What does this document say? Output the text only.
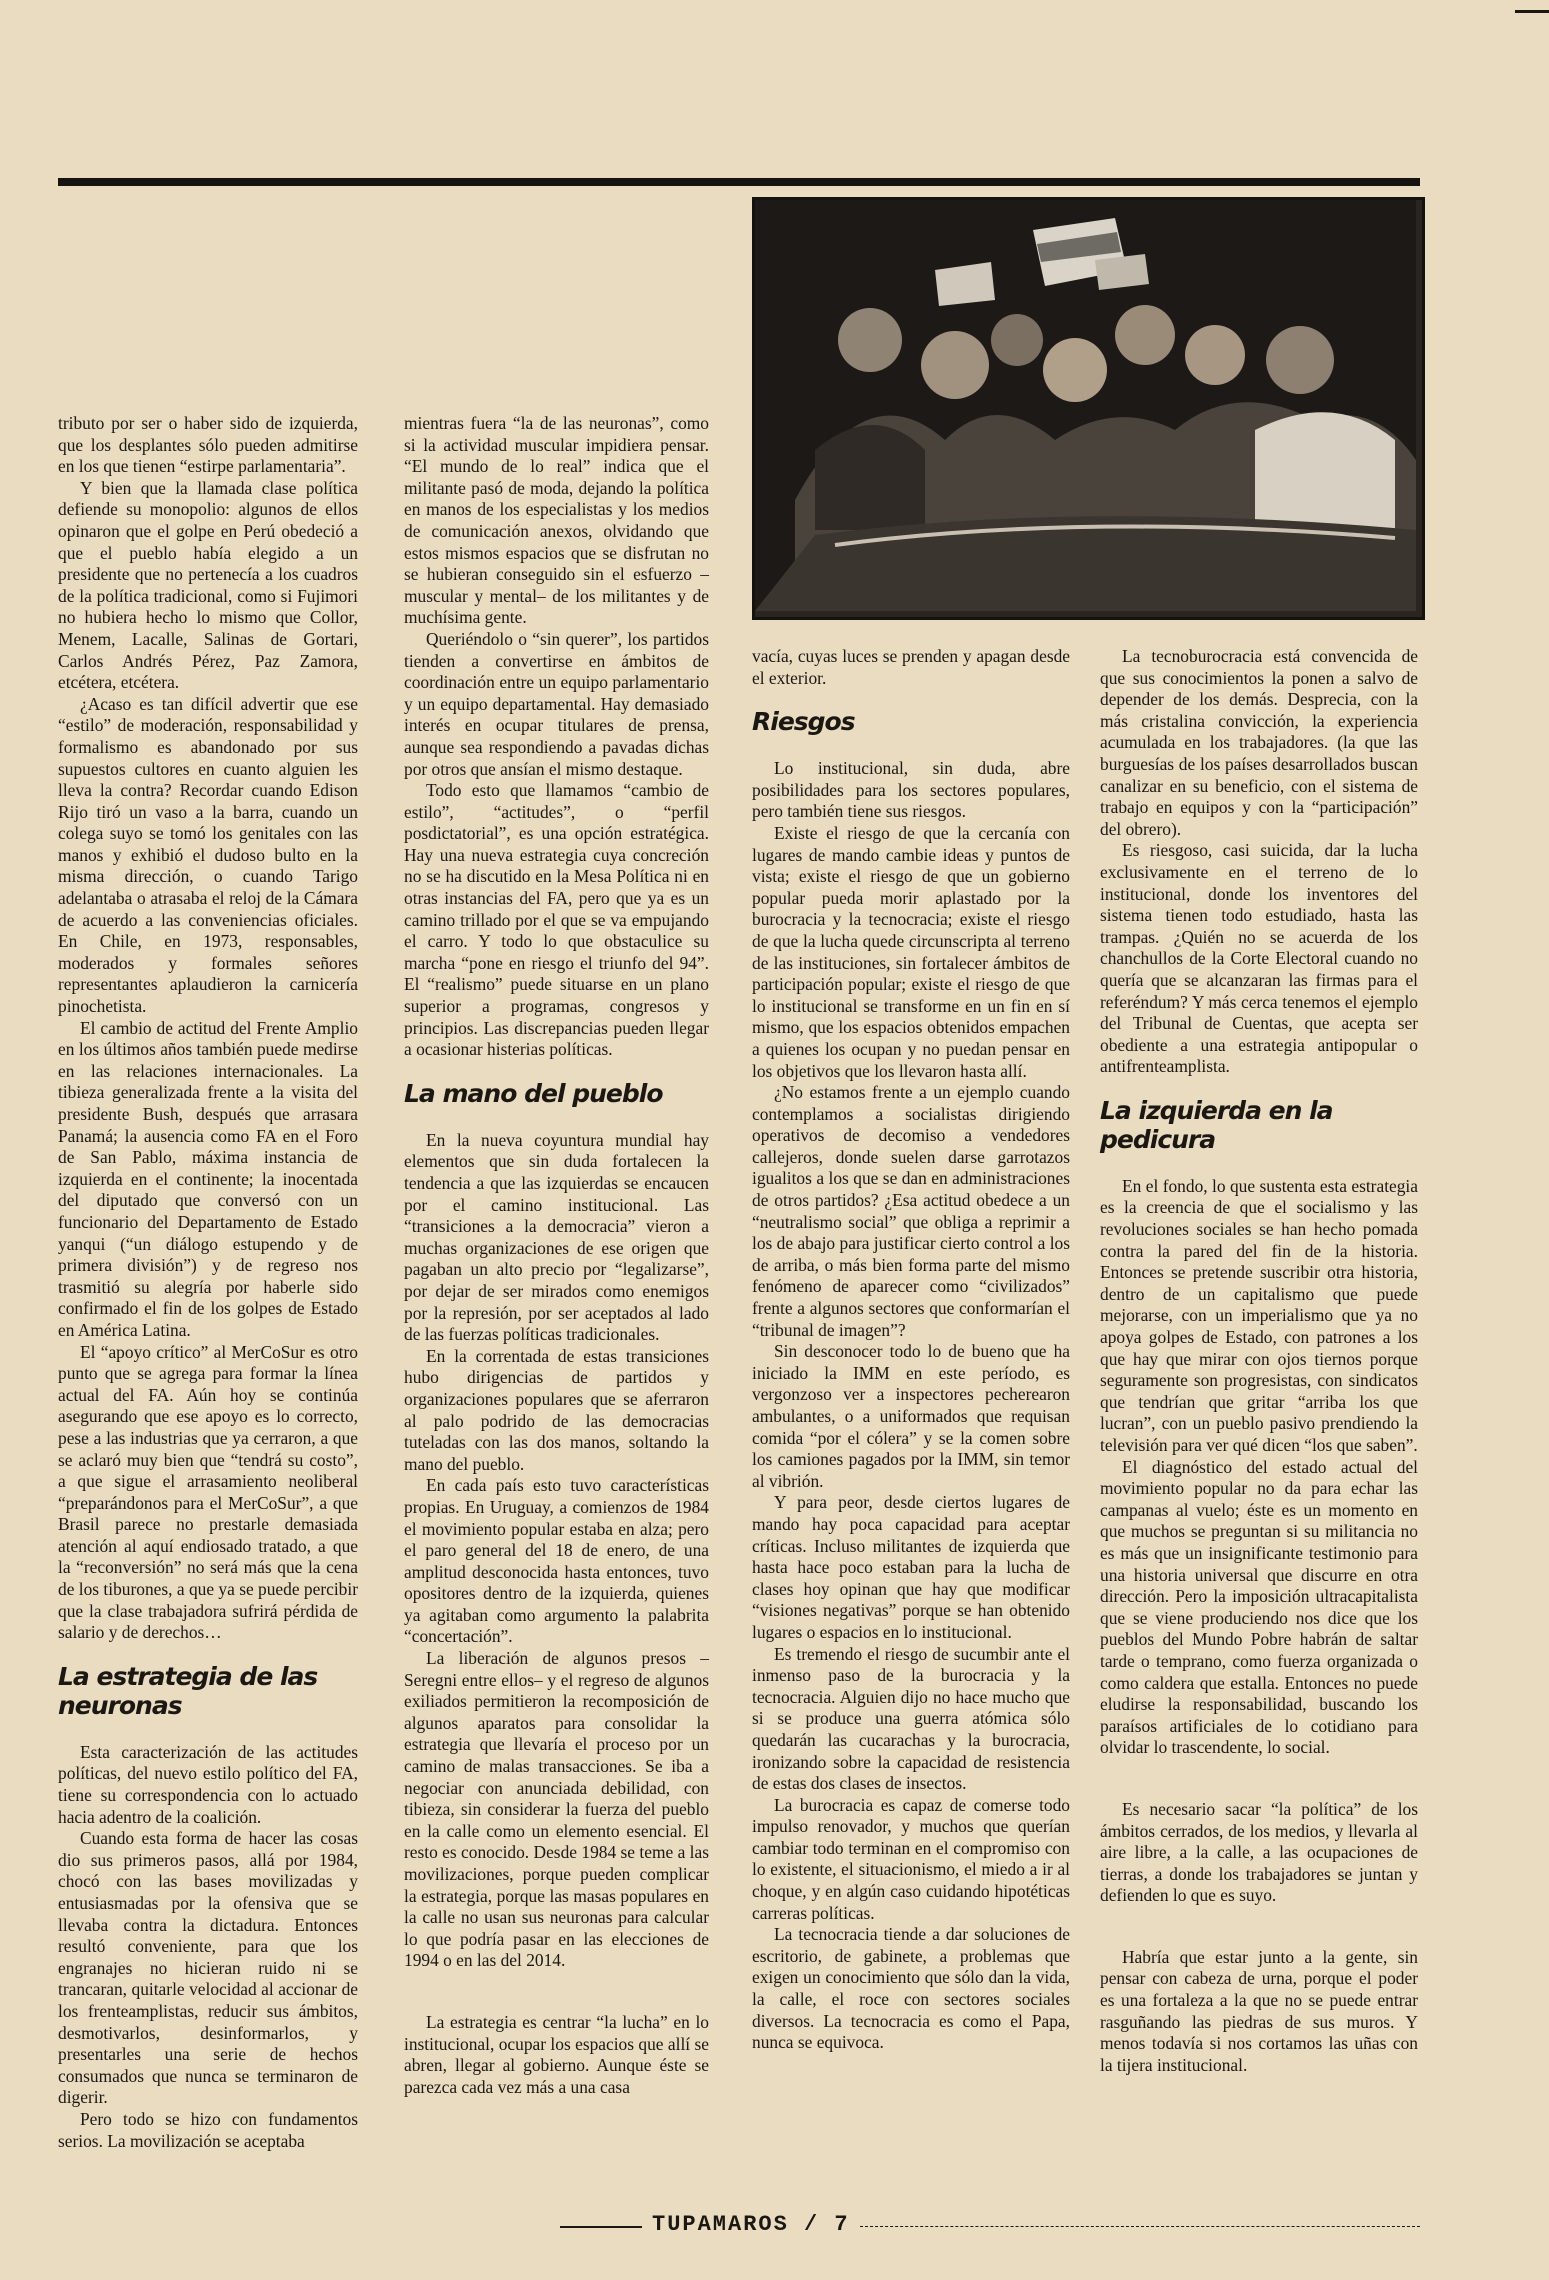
tributo por ser o haber sido de izquierda, que los desplantes sólo pueden admitirse en los que tienen “estirpe parlamentaria”.

Y bien que la llamada clase política defiende su monopolio: algunos de ellos opinaron que el golpe en Perú obedeció a que el pueblo había elegido a un presidente que no pertenecía a los cuadros de la política tradicional, como si Fujimori no hubiera hecho lo mismo que Collor, Menem, Lacalle, Salinas de Gortari, Carlos Andrés Pérez, Paz Zamora, etcétera, etcétera.

¿Acaso es tan difícil advertir que ese “estilo” de moderación, responsabilidad y formalismo es abandonado por sus supuestos cultores en cuanto alguien les lleva la contra? Recordar cuando Edison Rijo tiró un vaso a la barra, cuando un colega suyo se tomó los genitales con las manos y exhibió el dudoso bulto en la misma dirección, o cuando Tarigo adelantaba o atrasaba el reloj de la Cámara de acuerdo a las conveniencias oficiales. En Chile, en 1973, responsables, moderados y formales señores representantes aplaudieron la carnicería pinochetista.

El cambio de actitud del Frente Amplio en los últimos años también puede medirse en las relaciones internacionales. La tibieza generalizada frente a la visita del presidente Bush, después que arrasara Panamá; la ausencia como FA en el Foro de San Pablo, máxima instancia de izquierda en el continente; la inocentada del diputado que conversó con un funcionario del Departamento de Estado yanqui (“un diálogo estupendo y de primera división”) y de regreso nos trasmitió su alegría por haberle sido confirmado el fin de los golpes de Estado en América Latina.

El “apoyo crítico” al MerCoSur es otro punto que se agrega para formar la línea actual del FA. Aún hoy se continúa asegurando que ese apoyo es lo correcto, pese a las industrias que ya cerraron, a que se aclaró muy bien que “tendrá su costo”, a que sigue el arrasamiento neoliberal “preparándonos para el MerCoSur”, a que Brasil parece no prestarle demasiada atención al aquí endiosado tratado, a que la “reconversión” no será más que la cena de los tiburones, a que ya se puede percibir que la clase trabajadora sufrirá pérdida de salario y de derechos…

La estrategia de las neuronas

Esta caracterización de las actitudes políticas, del nuevo estilo político del FA, tiene su correspondencia con lo actuado hacia adentro de la coalición.

Cuando esta forma de hacer las cosas dio sus primeros pasos, allá por 1984, chocó con las bases movilizadas y entusiasmadas por la ofensiva que se llevaba contra la dictadura. Entonces resultó conveniente, para que los engranajes no hicieran ruido ni se trancaran, quitarle velocidad al accionar de los frenteamplistas, reducir sus ámbitos, desmotivarlos, desinformarlos, y presentarles una serie de hechos consumados que nunca se terminaron de digerir.

Pero todo se hizo con fundamentos serios. La movilización se aceptaba

mientras fuera “la de las neuronas”, como si la actividad muscular impidiera pensar. “El mundo de lo real” indica que el militante pasó de moda, dejando la política en manos de los especialistas y los medios de comunicación anexos, olvidando que estos mismos espacios que se disfrutan no se hubieran conseguido sin el esfuerzo –muscular y mental– de los militantes y de muchísima gente.

Queriéndolo o “sin querer”, los partidos tienden a convertirse en ámbitos de coordinación entre un equipo parlamentario y un equipo departamental. Hay demasiado interés en ocupar titulares de prensa, aunque sea respondiendo a pavadas dichas por otros que ansían el mismo destaque.

Todo esto que llamamos “cambio de estilo”, “actitudes”, o “perfil posdictatorial”, es una opción estratégica. Hay una nueva estrategia cuya concreción no se ha discutido en la Mesa Política ni en otras instancias del FA, pero que ya es un camino trillado por el que se va empujando el carro. Y todo lo que obstaculice su marcha “pone en riesgo el triunfo del 94”. El “realismo” puede situarse en un plano superior a programas, congresos y principios. Las discrepancias pueden llegar a ocasionar histerias políticas.

La mano del pueblo

En la nueva coyuntura mundial hay elementos que sin duda fortalecen la tendencia a que las izquierdas se encaucen por el camino institucional. Las “transiciones a la democracia” vieron a muchas organizaciones de ese origen que pagaban un alto precio por “legalizarse”, por dejar de ser mirados como enemigos por la represión, por ser aceptados al lado de las fuerzas políticas tradicionales.

En la correntada de estas transiciones hubo dirigencias de partidos y organizaciones populares que se aferraron al palo podrido de las democracias tuteladas con las dos manos, soltando la mano del pueblo.

En cada país esto tuvo características propias. En Uruguay, a comienzos de 1984 el movimiento popular estaba en alza; pero el paro general del 18 de enero, de una amplitud desconocida hasta entonces, tuvo opositores dentro de la izquierda, quienes ya agitaban como argumento la palabrita “concertación”.

La liberación de algunos presos –Seregni entre ellos– y el regreso de algunos exiliados permitieron la recomposición de algunos aparatos para consolidar la estrategia que llevaría el proceso por un camino de malas transacciones. Se iba a negociar con anunciada debilidad, con tibieza, sin considerar la fuerza del pueblo en la calle como un elemento esencial. El resto es conocido. Desde 1984 se teme a las movilizaciones, porque pueden complicar la estrategia, porque las masas populares en la calle no usan sus neuronas para calcular lo que podría pasar en las elecciones de 1994 o en las del 2014.

La estrategia es centrar “la lucha” en lo institucional, ocupar los espacios que allí se abren, llegar al gobierno. Aunque éste se parezca cada vez más a una casa

vacía, cuyas luces se prenden y apagan desde el exterior.

Riesgos

Lo institucional, sin duda, abre posibilidades para los sectores populares, pero también tiene sus riesgos.

Existe el riesgo de que la cercanía con lugares de mando cambie ideas y puntos de vista; existe el riesgo de que un gobierno popular pueda morir aplastado por la burocracia y la tecnocracia; existe el riesgo de que la lucha quede circunscripta al terreno de las instituciones, sin fortalecer ámbitos de participación popular; existe el riesgo de que lo institucional se transforme en un fin en sí mismo, que los espacios obtenidos empachen a quienes los ocupan y no puedan pensar en los objetivos que los llevaron hasta allí.

¿No estamos frente a un ejemplo cuando contemplamos a socialistas dirigiendo operativos de decomiso a vendedores callejeros, donde suelen darse garrotazos igualitos a los que se dan en administraciones de otros partidos? ¿Esa actitud obedece a un “neutralismo social” que obliga a reprimir a los de abajo para justificar cierto control a los de arriba, o más bien forma parte del mismo fenómeno de aparecer como “civilizados” frente a algunos sectores que conformarían el “tribunal de imagen”?

Sin desconocer todo lo de bueno que ha iniciado la IMM en este período, es vergonzoso ver a inspectores pecherearon ambulantes, o a uniformados que requisan comida “por el cólera” y se la comen sobre los camiones pagados por la IMM, sin temor al vibrión.

Y para peor, desde ciertos lugares de mando hay poca capacidad para aceptar críticas. Incluso militantes de izquierda que hasta hace poco estaban para la lucha de clases hoy opinan que hay que modificar “visiones negativas” porque se han obtenido lugares o espacios en lo institucional.

Es tremendo el riesgo de sucumbir ante el inmenso paso de la burocracia y la tecnocracia. Alguien dijo no hace mucho que si se produce una guerra atómica sólo quedarán las cucarachas y la burocracia, ironizando sobre la capacidad de resistencia de estas dos clases de insectos.

La burocracia es capaz de comerse todo impulso renovador, y muchos que querían cambiar todo terminan en el compromiso con lo existente, el situacionismo, el miedo a ir al choque, y en algún caso cuidando hipotéticas carreras políticas.

La tecnocracia tiende a dar soluciones de escritorio, de gabinete, a problemas que exigen un conocimiento que sólo dan la vida, la calle, el roce con sectores sociales diversos. La tecnocracia es como el Papa, nunca se equivoca.

La tecnoburocracia está convencida de que sus conocimientos la ponen a salvo de depender de los demás. Desprecia, con la más cristalina convicción, la experiencia acumulada en los trabajadores. (la que las burguesías de los países desarrollados buscan canalizar en su beneficio, con el sistema de trabajo en equipos y con la “participación” del obrero).

Es riesgoso, casi suicida, dar la lucha exclusivamente en el terreno de lo institucional, donde los inventores del sistema tienen todo estudiado, hasta las trampas. ¿Quién no se acuerda de los chanchullos de la Corte Electoral cuando no quería que se alcanzaran las firmas para el referéndum? Y más cerca tenemos el ejemplo del Tribunal de Cuentas, que acepta ser obediente a una estrategia antipopular o antifrenteamplista.

La izquierda en la pedicura

En el fondo, lo que sustenta esta estrategia es la creencia de que el socialismo y las revoluciones sociales se han hecho pomada contra la pared del fin de la historia. Entonces se pretende suscribir otra historia, dentro de un capitalismo que puede mejorarse, con un imperialismo que ya no apoya golpes de Estado, con patrones a los que hay que mirar con ojos tiernos porque seguramente son progresistas, con sindicatos que tendrían que gritar “arriba los que lucran”, con un pueblo pasivo prendiendo la televisión para ver qué dicen “los que saben”.

El diagnóstico del estado actual del movimiento popular no da para echar las campanas al vuelo; éste es un momento en que muchos se preguntan si su militancia no es más que un insignificante testimonio para una historia universal que discurre en otra dirección. Pero la imposición ultracapitalista que se viene produciendo nos dice que los pueblos del Mundo Pobre habrán de saltar tarde o temprano, como fuerza organizada o como caldera que estalla. Entonces no puede eludirse la responsabilidad, buscando los paraísos artificiales de lo cotidiano para olvidar lo trascendente, lo social.

Es necesario sacar “la política” de los ámbitos cerrados, de los medios, y llevarla al aire libre, a la calle, a las ocupaciones de tierras, a donde los trabajadores se juntan y defienden lo que es suyo.

Habría que estar junto a la gente, sin pensar con cabeza de urna, porque el poder es una fortaleza a la que no se puede entrar rasguñando las piedras de sus muros. Y menos todavía si nos cortamos las uñas con la tijera institucional.

TUPAMAROS / 7
